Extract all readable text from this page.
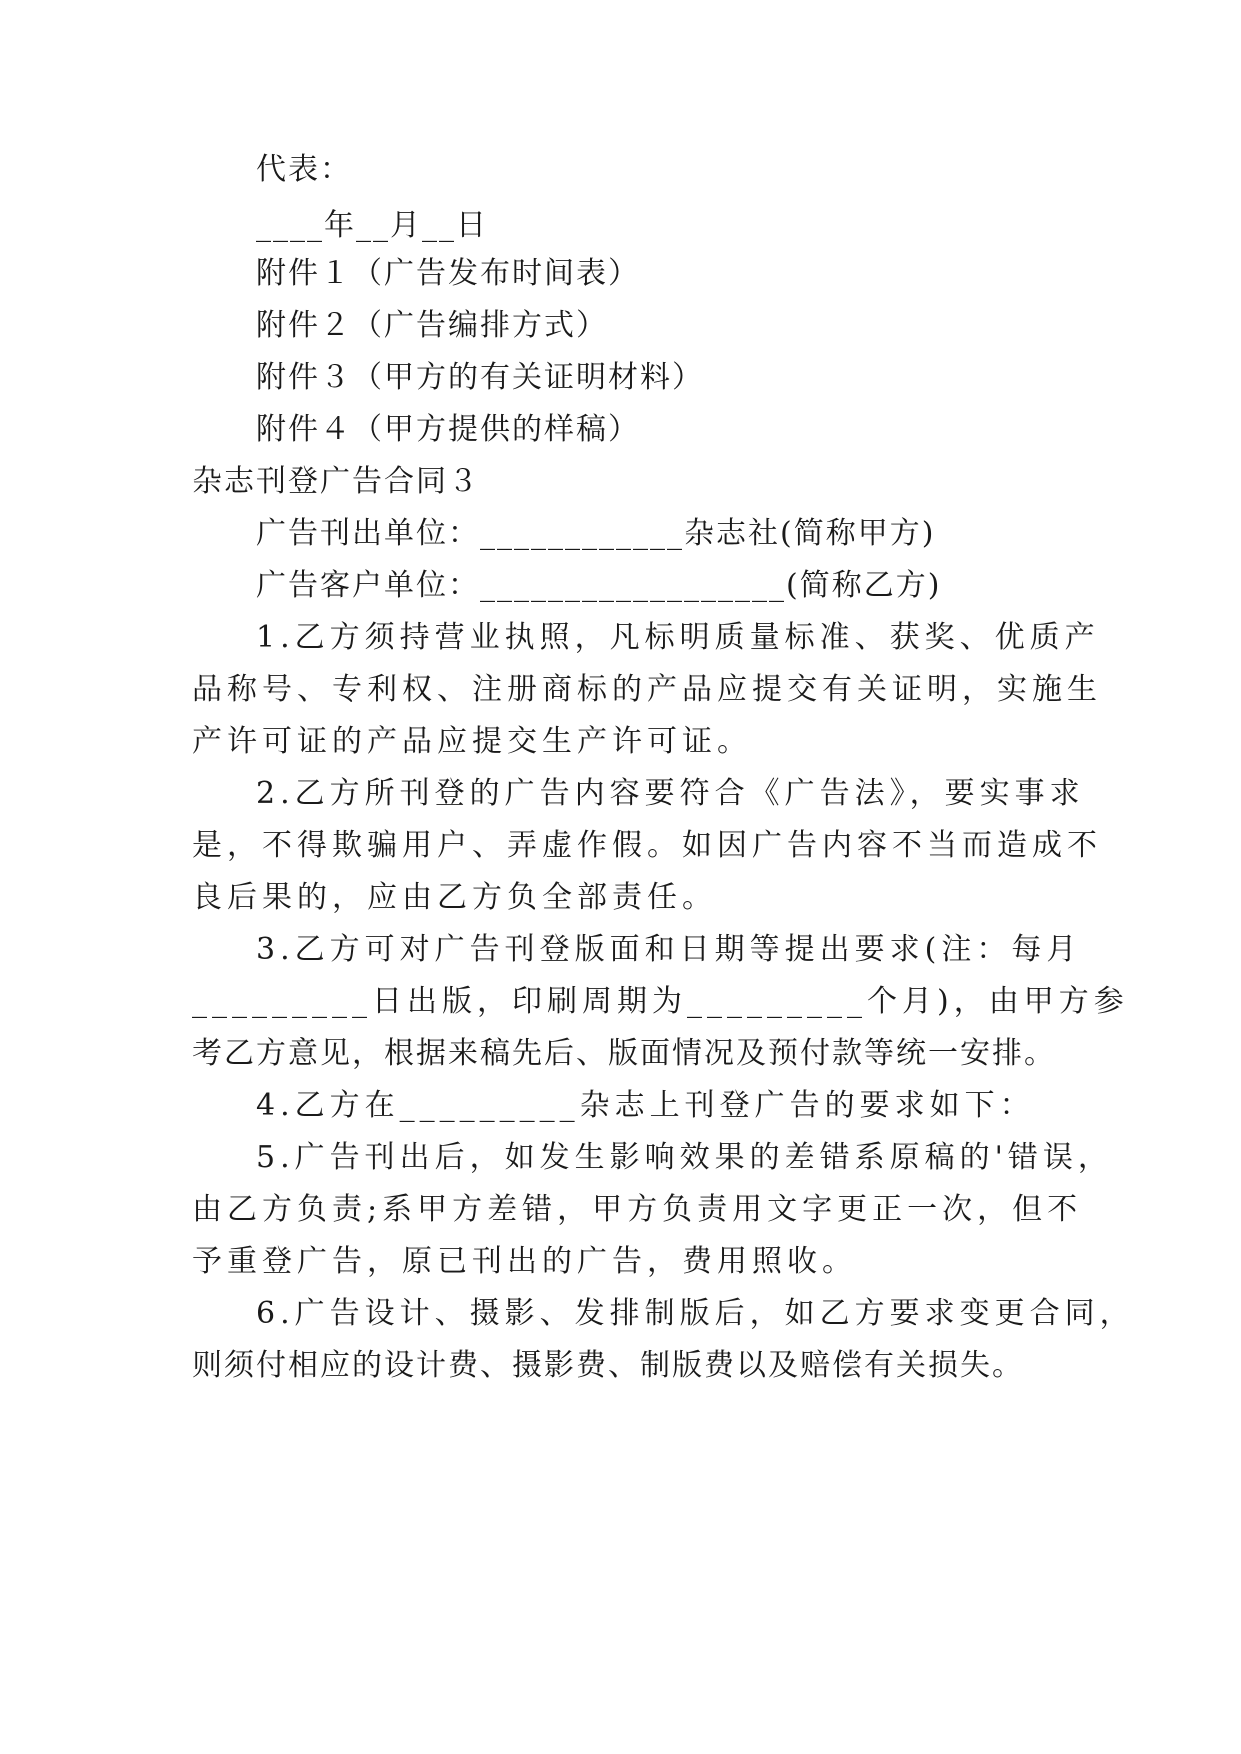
代表：
____年__月__日
附件１（广告发布时间表）
附件２（广告编排方式）
附件３（甲方的有关证明材料）
附件４（甲方提供的样稿）
杂志刊登广告合同３
广告刊出单位：____________杂志社(简称甲方)
广告客户单位：__________________(简称乙方)
1.乙方须持营业执照，凡标明质量标准、获奖、优质产
品称号、专利权、注册商标的产品应提交有关证明，实施生
产许可证的产品应提交生产许可证。
2.乙方所刊登的广告内容要符合《广告法》，要实事求
是，不得欺骗用户、弄虚作假。如因广告内容不当而造成不
良后果的，应由乙方负全部责任。
3.乙方可对广告刊登版面和日期等提出要求(注：每月
_________日出版，印刷周期为_________个月)，由甲方参
考乙方意见，根据来稿先后、版面情况及预付款等统一安排。
4.乙方在_________杂志上刊登广告的要求如下：
5.广告刊出后，如发生影响效果的差错系原稿的'错误，
由乙方负责;系甲方差错，甲方负责用文字更正一次，但不
予重登广告，原已刊出的广告，费用照收。
6.广告设计、摄影、发排制版后，如乙方要求变更合同，
则须付相应的设计费、摄影费、制版费以及赔偿有关损失。
